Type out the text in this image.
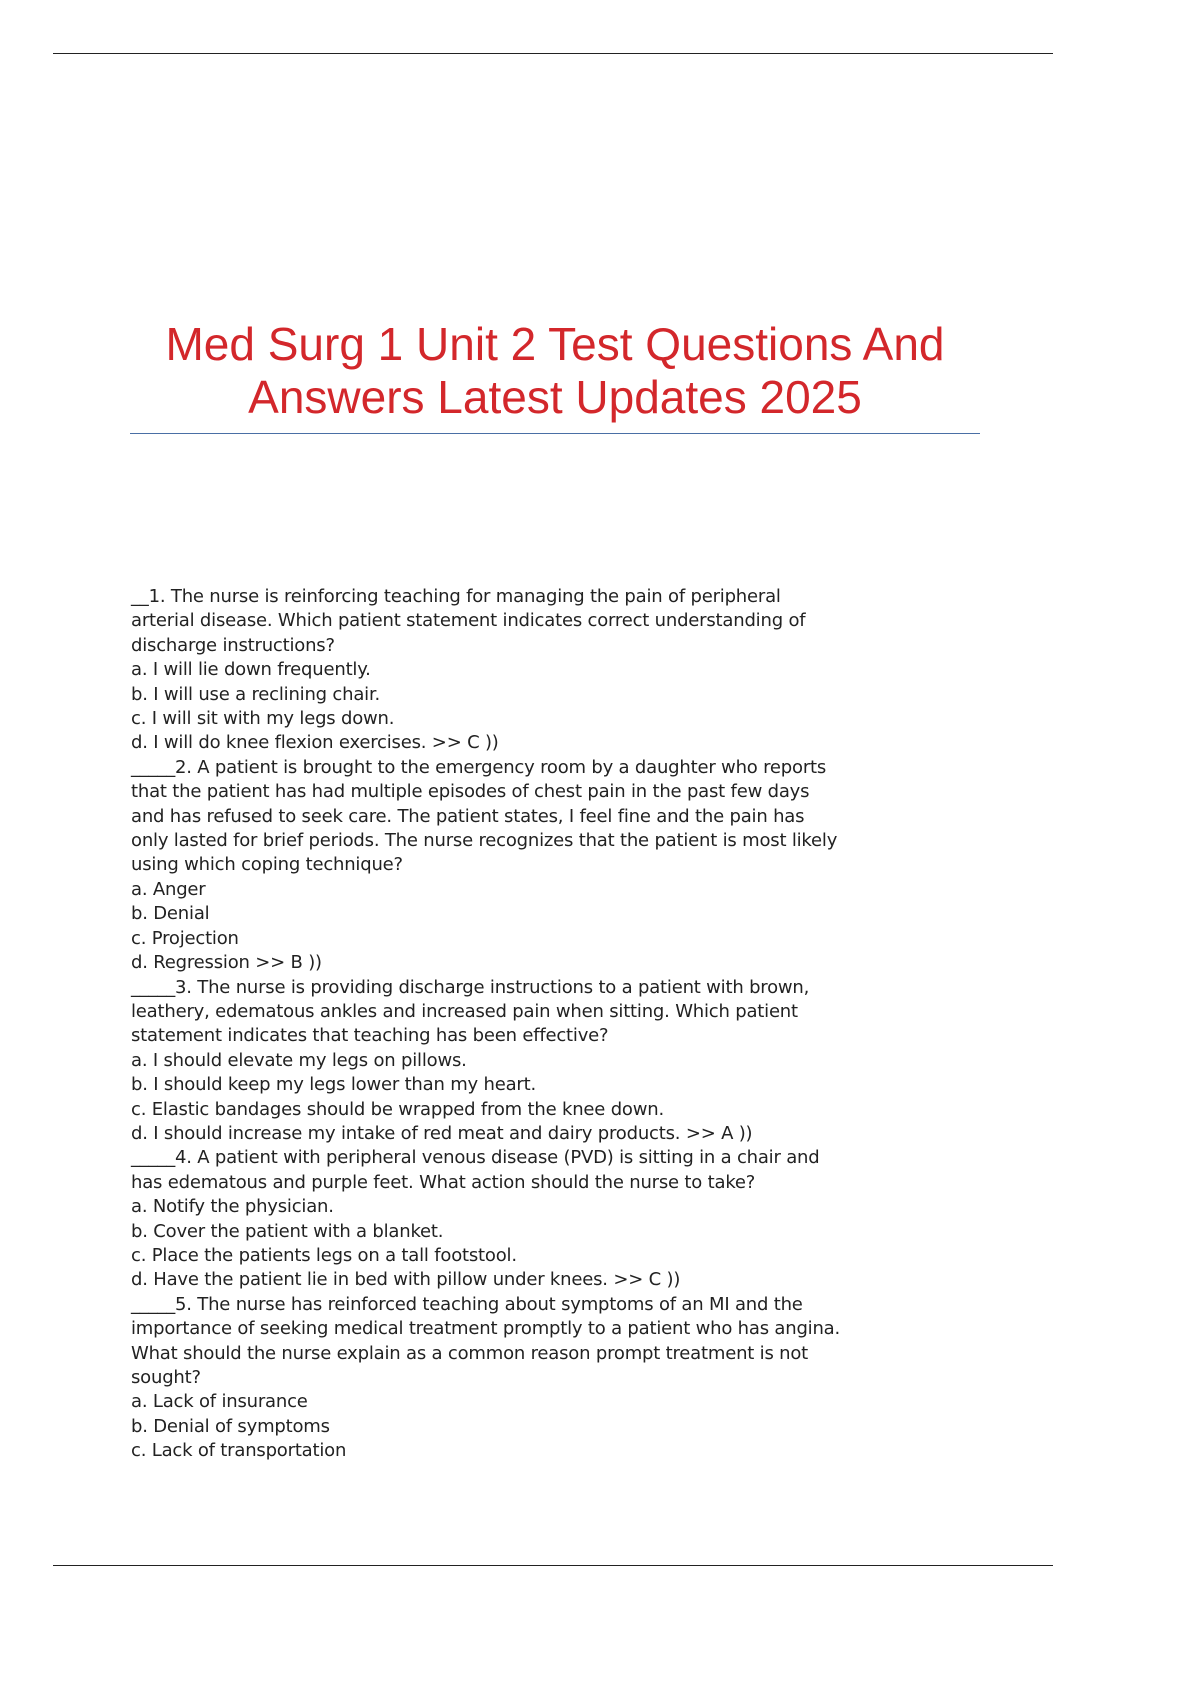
Med Surg 1 Unit 2 Test Questions And
Answers Latest Updates 2025
__1. The nurse is reinforcing teaching for managing the pain of peripheral
arterial disease. Which patient statement indicates correct understanding of
discharge instructions?
a. I will lie down frequently.
b. I will use a reclining chair.
c. I will sit with my legs down.
d. I will do knee flexion exercises. >> C ))
_____2. A patient is brought to the emergency room by a daughter who reports
that the patient has had multiple episodes of chest pain in the past few days
and has refused to seek care. The patient states, I feel fine and the pain has
only lasted for brief periods. The nurse recognizes that the patient is most likely
using which coping technique?
a. Anger
b. Denial
c. Projection
d. Regression >> B ))
_____3. The nurse is providing discharge instructions to a patient with brown,
leathery, edematous ankles and increased pain when sitting. Which patient
statement indicates that teaching has been effective?
a. I should elevate my legs on pillows.
b. I should keep my legs lower than my heart.
c. Elastic bandages should be wrapped from the knee down.
d. I should increase my intake of red meat and dairy products. >> A ))
_____4. A patient with peripheral venous disease (PVD) is sitting in a chair and
has edematous and purple feet. What action should the nurse to take?
a. Notify the physician.
b. Cover the patient with a blanket.
c. Place the patients legs on a tall footstool.
d. Have the patient lie in bed with pillow under knees. >> C ))
_____5. The nurse has reinforced teaching about symptoms of an MI and the
importance of seeking medical treatment promptly to a patient who has angina.
What should the nurse explain as a common reason prompt treatment is not
sought?
a. Lack of insurance
b. Denial of symptoms
c. Lack of transportation
